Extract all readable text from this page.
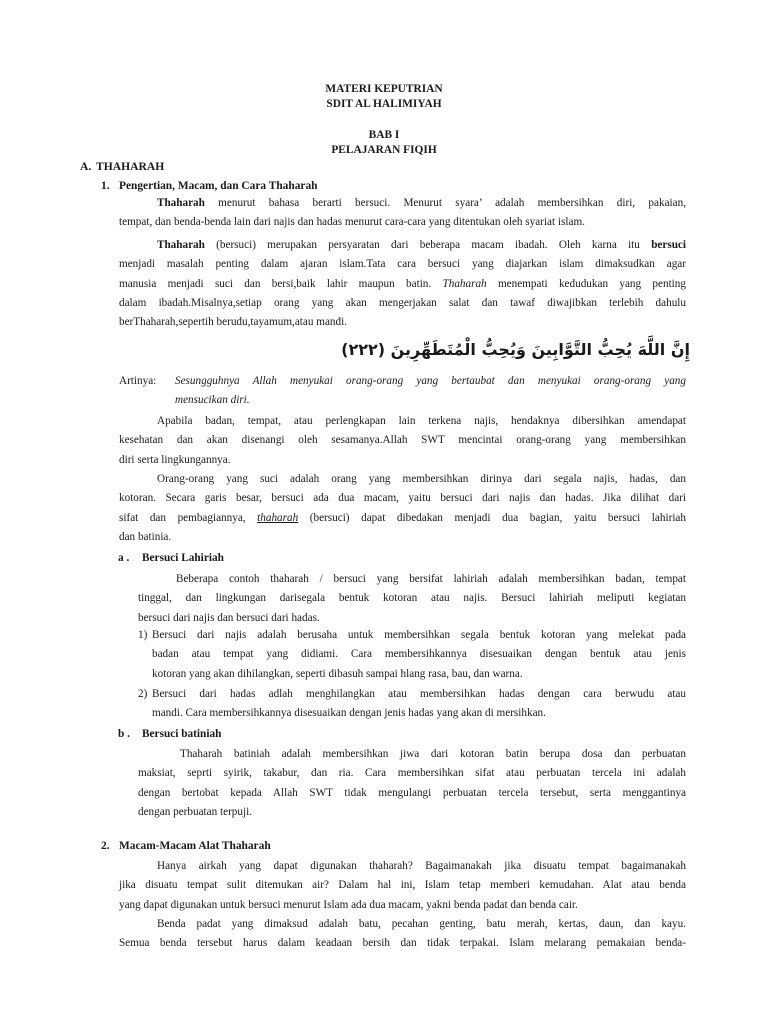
MATERI KEPUTRIAN
SDIT AL HALIMIYAH
BAB I
PELAJARAN FIQIH
A. THAHARAH
1. Pengertian, Macam, dan Cara Thaharah
Thaharah menurut bahasa berarti bersuci. Menurut syara’ adalah membersihkan diri, pakaian,
tempat, dan benda-benda lain dari najis dan hadas menurut cara-cara yang ditentukan oleh syariat islam.
Thaharah (bersuci) merupakan persyaratan dari beberapa macam ibadah. Oleh karna itu bersuci
menjadi masalah penting dalam ajaran islam.Tata cara bersuci yang diajarkan islam dimaksudkan agar
manusia menjadi suci dan bersi,baik lahir maupun batin. Thaharah menempati kedudukan yang penting
dalam ibadah.Misalnya,setiap orang yang akan mengerjakan salat dan tawaf diwajibkan terlebih dahulu
berThaharah,sepertih berudu,tayamum,atau mandi.
إِنَّ اللَّهَ يُحِبُّ التَّوَّابِينَ وَيُحِبُّ الْمُتَطَهِّرِينَ (٢٢٢)
Artinya:	Sesungguhnya Allah menyukai orang-orang yang bertaubat dan menyukai orang-orang yang
mensucikan diri.
Apabila badan, tempat, atau perlengkapan lain terkena najis, hendaknya dibersihkan amendapat
kesehatan dan akan disenangi oleh sesamanya.Allah SWT mencintai orang-orang yang membersihkan
diri serta lingkungannya.
Orang-orang yang suci adalah orang yang membersihkan dirinya dari segala najis, hadas, dan
kotoran. Secara garis besar, bersuci ada dua macam, yaitu bersuci dari najis dan hadas. Jika dilihat dari
sifat dan pembagiannya, thaharah (bersuci) dapat dibedakan menjadi dua bagian, yaitu bersuci lahiriah
dan batinia.
a . Bersuci Lahiriah
Beberapa contoh thaharah / bersuci yang bersifat lahiriah adalah membersihkan badan, tempat
tinggal, dan lingkungan darisegala bentuk kotoran atau najis. Bersuci lahiriah meliputi kegiatan
bersuci dari najis dan bersuci dari hadas.
1) Bersuci dari najis adalah berusaha untuk membersihkan segala bentuk kotoran yang melekat pada
badan atau tempat yang didiami. Cara membersihkannya disesuaikan dengan bentuk atau jenis
kotoran yang akan dihilangkan, seperti dibasuh sampai hlang rasa, bau, dan warna.
2) Bersuci dari hadas adlah menghilangkan atau membersihkan hadas dengan cara berwudu atau
mandi. Cara membersihkannya disesuaikan dengan jenis hadas yang akan di mersihkan.
b . Bersuci batiniah
Thaharah batiniah adalah membersihkan jiwa dari kotoran batin berupa dosa dan perbuatan
maksiat, seprti syirik, takabur, dan ria. Cara membersihkan sifat atau perbuatan tercela ini adalah
dengan bertobat kepada Allah SWT tidak mengulangi perbuatan tercela tersebut, serta menggantinya
dengan perbuatan terpuji.
2. Macam-Macam Alat Thaharah
Hanya airkah yang dapat digunakan thaharah? Bagaimanakah jika disuatu tempat bagaimanakah
jika disuatu tempat sulit ditemukan air? Dalam hal ini, Islam tetap memberi kemudahan. Alat atau benda
yang dapat digunakan untuk bersuci menurut Islam ada dua macam, yakni benda padat dan benda cair.
Benda padat yang dimaksud adalah batu, pecahan genting, batu merah, kertas, daun, dan kayu.
Semua benda tersebut harus dalam keadaan bersih dan tidak terpakai. Islam melarang pemakaian benda-
